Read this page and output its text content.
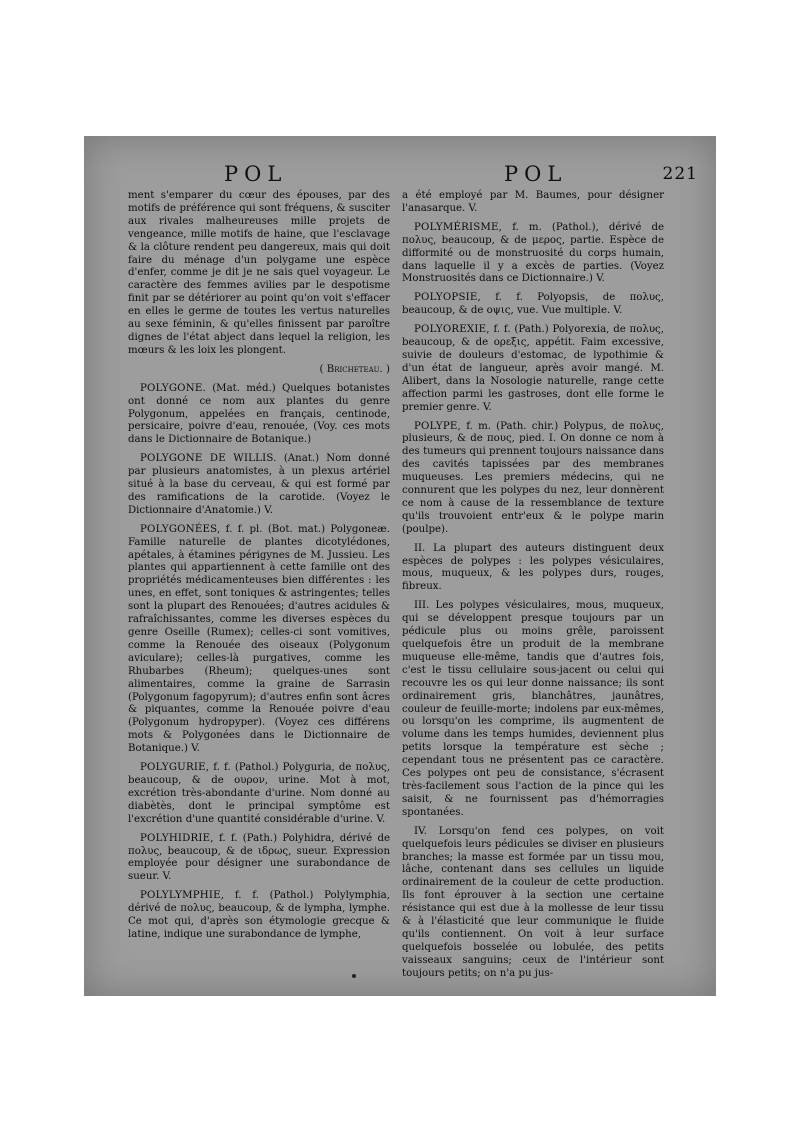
POL	POL	221

ment s'emparer du cœur des épouses, par des motifs de préférence qui sont fréquens, & susciter aux rivales malheureuses mille projets de vengeance, mille motifs de haine, que l'esclavage & la clôture rendent peu dangereux, mais qui doit faire du ménage d'un polygame une espèce d'enfer, comme je dit je ne sais quel voyageur. Le caractère des femmes avilies par le despotisme finit par se détériorer au point qu'on voit s'effacer en elles le germe de toutes les vertus naturelles au sexe féminin, & qu'elles finissent par paroître dignes de l'état abject dans lequel la religion, les mœurs & les loix les plongent.

( Bricheteau. )

POLYGONE. (Mat. méd.) Quelques botanistes ont donné ce nom aux plantes du genre Polygonum, appelées en français, centinode, persicaire, poivre d'eau, renouée, (Voy. ces mots dans le Dictionnaire de Botanique.)

POLYGONE DE WILLIS. (Anat.) Nom donné par plusieurs anatomistes, à un plexus artériel situé à la base du cerveau, & qui est formé par des ramifications de la carotide. (Voyez le Dictionnaire d'Anatomie.) V.

POLYGONÉES, f. f. pl. (Bot. mat.) Polygoneæ. Famille naturelle de plantes dicotylédones, apétales, à étamines périgynes de M. Jussieu. Les plantes qui appartiennent à cette famille ont des propriétés médicamenteuses bien différentes : les unes, en effet, sont toniques & astringentes; telles sont la plupart des Renouées; d'autres acidules & rafraîchissantes, comme les diverses espèces du genre Oseille (Rumex); celles-ci sont vomitives, comme la Renouée des oiseaux (Polygonum aviculare); celles-là purgatives, comme les Rhubarbes (Rheum); quelques-unes sont alimentaires, comme la graine de Sarrasin (Polygonum fagopyrum); d'autres enfin sont âcres & piquantes, comme la Renouée poivre d'eau (Polygonum hydropyper). (Voyez ces différens mots & Polygonées dans le Dictionnaire de Botanique.) V.

POLYGURIE, f. f. (Pathol.) Polyguria, de πολυς, beaucoup, & de ουρον, urine. Mot à mot, excrétion très-abondante d'urine. Nom donné au diabètès, dont le principal symptôme est l'excrétion d'une quantité considérable d'urine. V.

POLYHIDRIE, f. f. (Path.) Polyhidra, dérivé de πολυς, beaucoup, & de ιδρως, sueur. Expression employée pour désigner une surabondance de sueur. V.

POLYLYMPHIE, f. f. (Pathol.) Polylymphia, dérivé de πολυς, beaucoup, & de lympha, lymphe. Ce mot qui, d'après son étymologie grecque & latine, indique une surabondance de lymphe,

a été employé par M. Baumes, pour désigner l'anasarque. V.

POLYMÉRISME, f. m. (Pathol.), dérivé de πολυς, beaucoup, & de μερος, partie. Espèce de difformité ou de monstruosité du corps humain, dans laquelle il y a excès de parties. (Voyez Monstruosités dans ce Dictionnaire.) V.

POLYOPSIE, f. f. Polyopsis, de πολυς, beaucoup, & de οψις, vue. Vue multiple. V.

POLYOREXIE, f. f. (Path.) Polyorexia, de πολυς, beaucoup, & de ορεξις, appétit. Faim excessive, suivie de douleurs d'estomac, de lypothimie & d'un état de langueur, après avoir mangé. M. Alibert, dans la Nosologie naturelle, range cette affection parmi les gastroses, dont elle forme le premier genre. V.

POLYPE, f. m. (Path. chir.) Polypus, de πολυς, plusieurs, & de πους, pied. I. On donne ce nom à des tumeurs qui prennent toujours naissance dans des cavités tapissées par des membranes muqueuses. Les premiers médecins, qui ne connurent que les polypes du nez, leur donnèrent ce nom à cause de la ressemblance de texture qu'ils trouvoient entr'eux & le polype marin (poulpe).

II. La plupart des auteurs distinguent deux espèces de polypes : les polypes vésiculaires, mous, muqueux, & les polypes durs, rouges, fibreux.

III. Les polypes vésiculaires, mous, muqueux, qui se développent presque toujours par un pédicule plus ou moins grêle, paroissent quelquefois être un produit de la membrane muqueuse elle-même, tandis que d'autres fois, c'est le tissu cellulaire sous-jacent ou celui qui recouvre les os qui leur donne naissance; ils sont ordinairement gris, blanchâtres, jaunâtres, couleur de feuille-morte; indolens par eux-mêmes, ou lorsqu'on les comprime, ils augmentent de volume dans les temps humides, deviennent plus petits lorsque la température est sèche ; cependant tous ne présentent pas ce caractère. Ces polypes ont peu de consistance, s'écrasent très-facilement sous l'action de la pince qui les saisit, & ne fournissent pas d'hémorragies spontanées.

IV. Lorsqu'on fend ces polypes, on voit quelquefois leurs pédicules se diviser en plusieurs branches; la masse est formée par un tissu mou, lâche, contenant dans ses cellules un liquide ordinairement de la couleur de cette production. Ils font éprouver à la section une certaine résistance qui est due à la mollesse de leur tissu & à l'élasticité que leur communique le fluide qu'ils contiennent. On voit à leur surface quelquefois bosselée ou lobulée, des petits vaisseaux sanguins; ceux de l'intérieur sont toujours petits; on n'a pu jus-
